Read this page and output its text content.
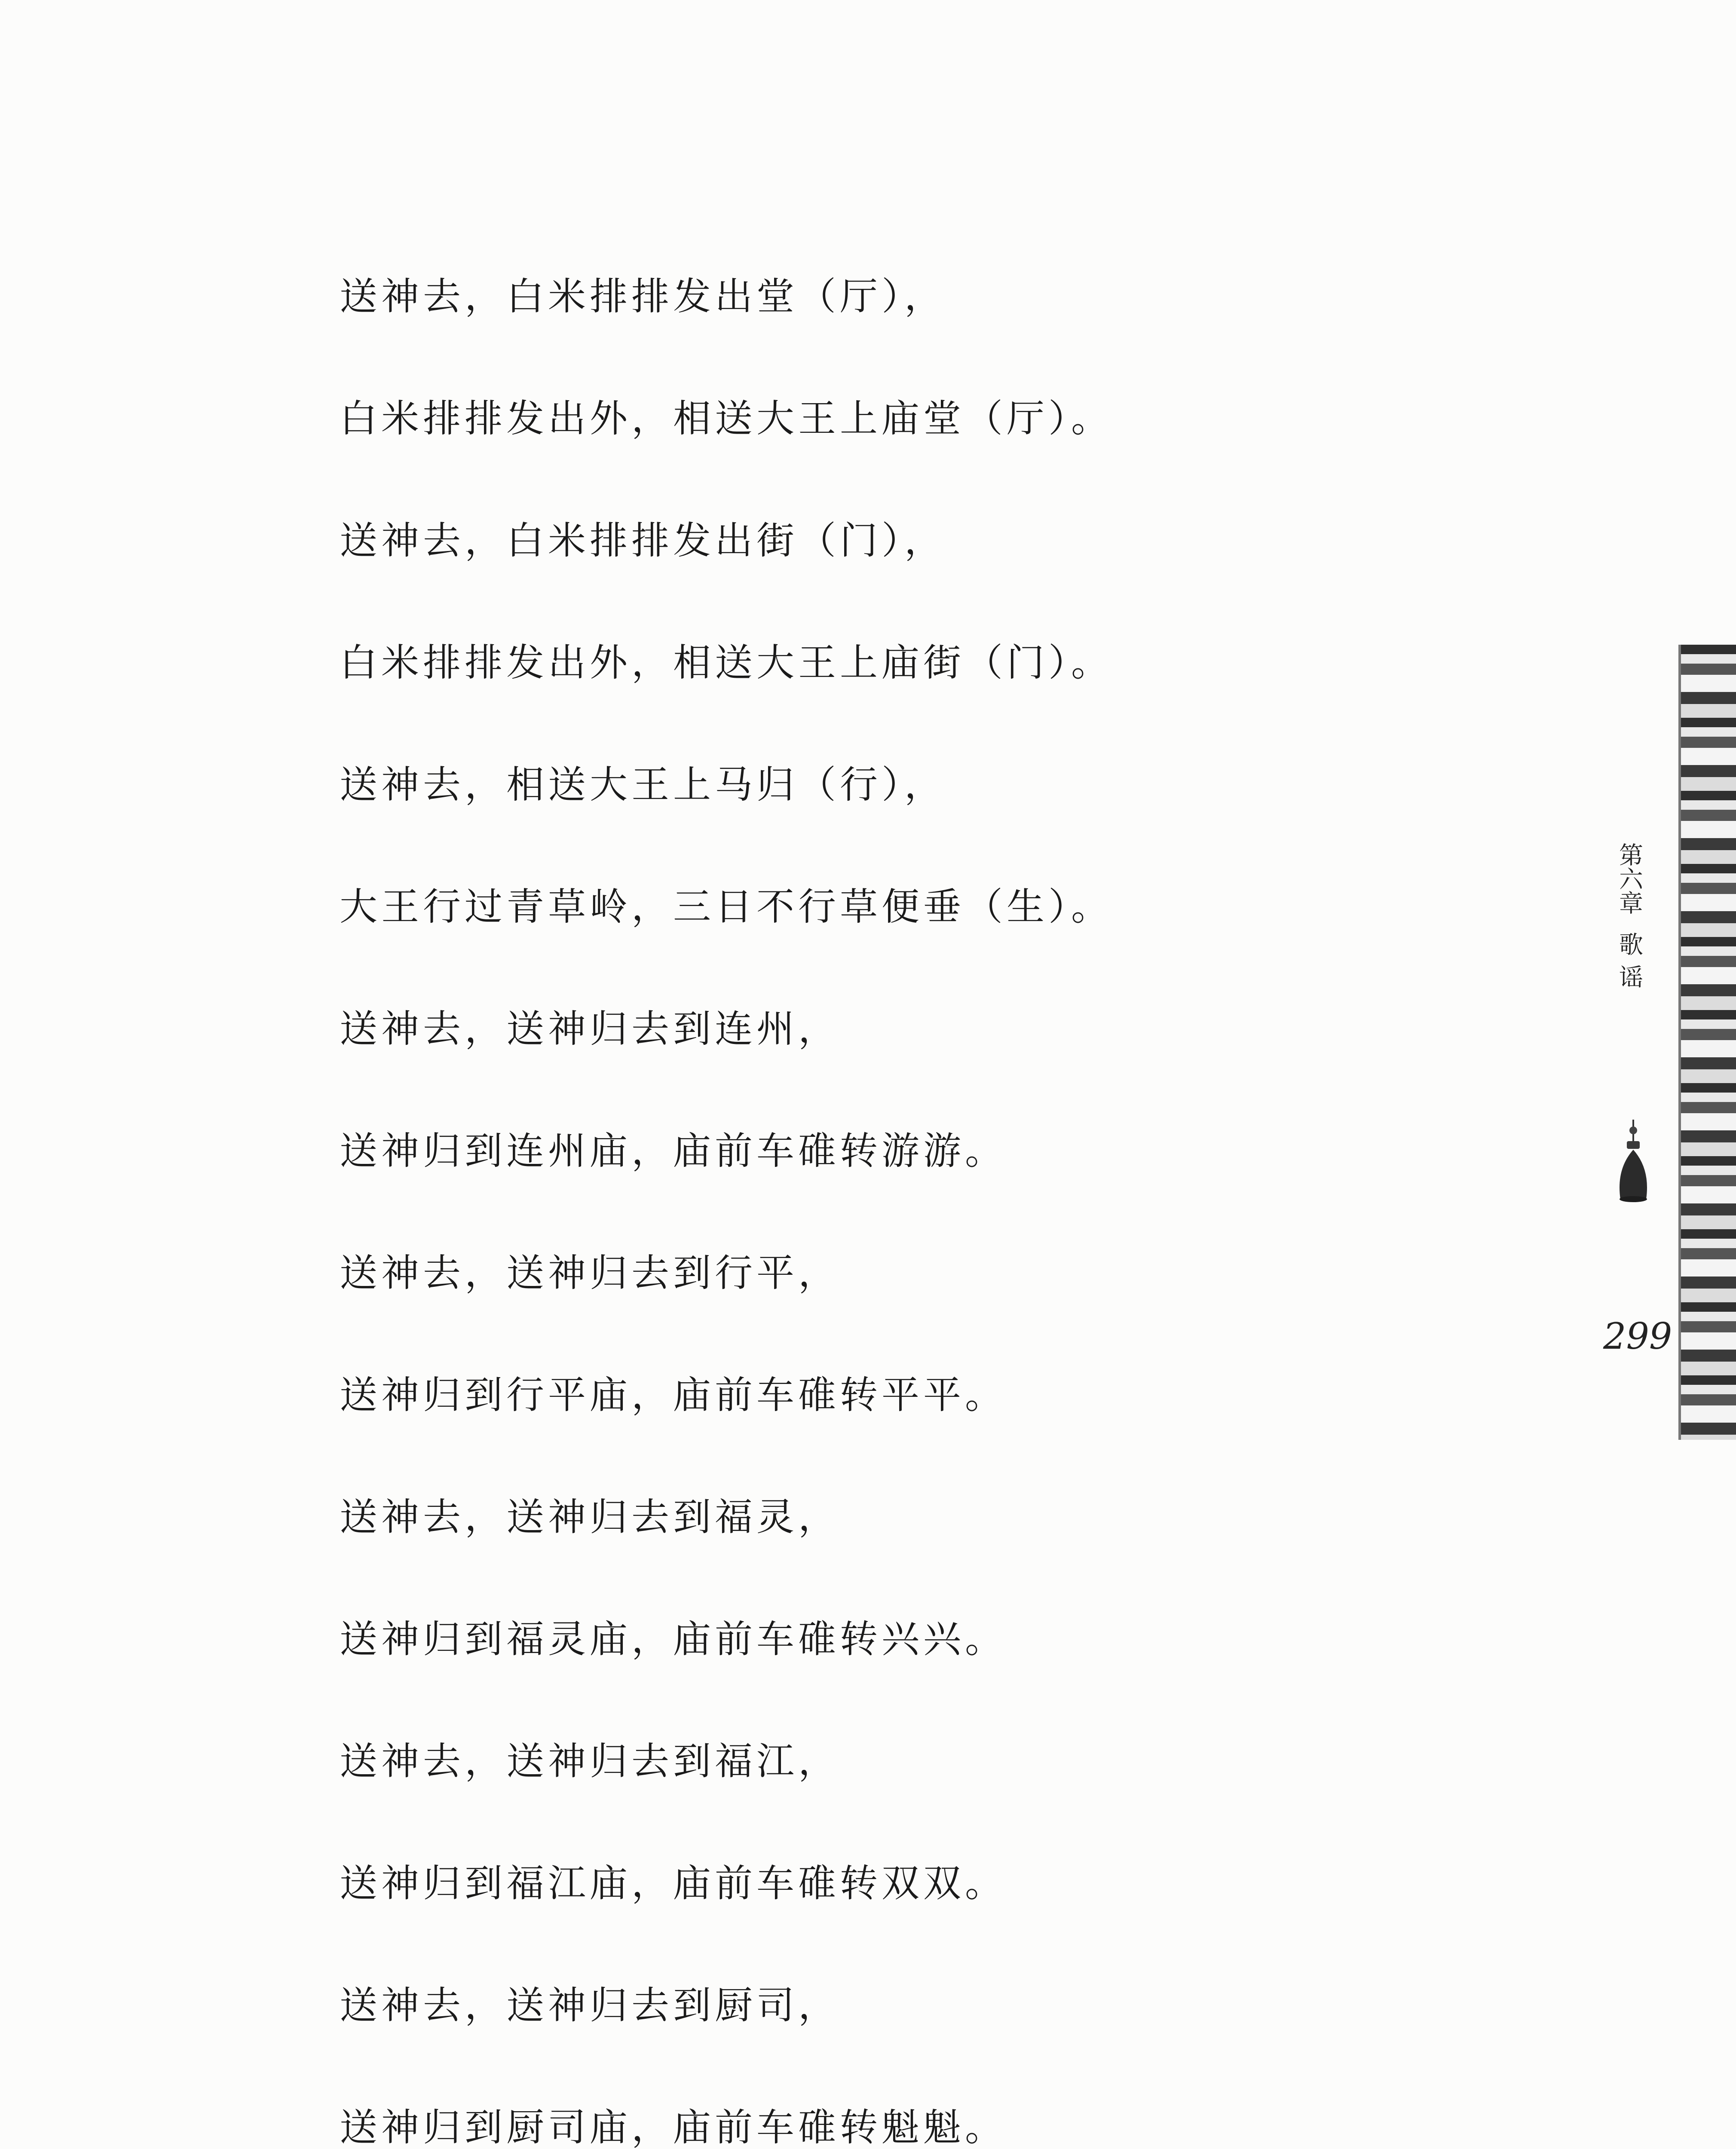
送神去，白米排排发出堂（厅），
白米排排发出外，相送大王上庙堂（厅）。
送神去，白米排排发出街（门），
白米排排发出外，相送大王上庙街（门）。
送神去，相送大王上马归（行），
大王行过青草岭，三日不行草便垂（生）。
送神去，送神归去到连州，
送神归到连州庙，庙前车碓转游游。
送神去，送神归去到行平，
送神归到行平庙，庙前车碓转平平。
送神去，送神归去到福灵，
送神归到福灵庙，庙前车碓转兴兴。
送神去，送神归去到福江，
送神归到福江庙，庙前车碓转双双。
送神去，送神归去到厨司，
送神归到厨司庙，庙前车碓转魁魁。
第六章
歌谣
299
